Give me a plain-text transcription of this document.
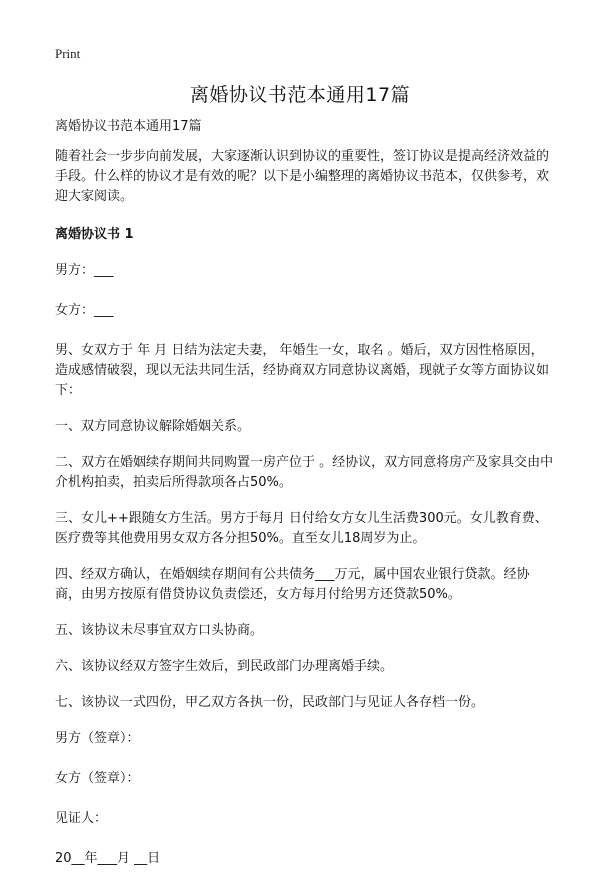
Print
离婚协议书范本通用17篇

离婚协议书范本通用17篇

随着社会一步步向前发展，大家逐渐认识到协议的重要性，签订协议是提高经济效益的手段。什么样的协议才是有效的呢？以下是小编整理的离婚协议书范本，仅供参考，欢迎大家阅读。

离婚协议书 1

男方：___

女方：___

男、女双方于 年 月 日结为法定夫妻， 年婚生一女，取名 。婚后，双方因性格原因，造成感情破裂，现以无法共同生活，经协商双方同意协议离婚，现就子女等方面协议如下：

一、双方同意协议解除婚姻关系。

二、双方在婚姻续存期间共同购置一房产位于 。经协议，双方同意将房产及家具交由中介机构拍卖，拍卖后所得款项各占50%。

三、女儿++跟随女方生活。男方于每月 日付给女方女儿生活费300元。女儿教育费、医疗费等其他费用男女双方各分担50%。直至女儿18周岁为止。

四、经双方确认，在婚姻续存期间有公共债务___万元，属中国农业银行贷款。经协商，由男方按原有借贷协议负责偿还，女方每月付给男方还贷款50%。

五、该协议未尽事宜双方口头协商。

六、该协议经双方签字生效后，到民政部门办理离婚手续。

七、该协议一式四份，甲乙双方各执一份，民政部门与见证人各存档一份。

男方（签章）：

女方（签章）：

见证人：

20__年___月 __日
